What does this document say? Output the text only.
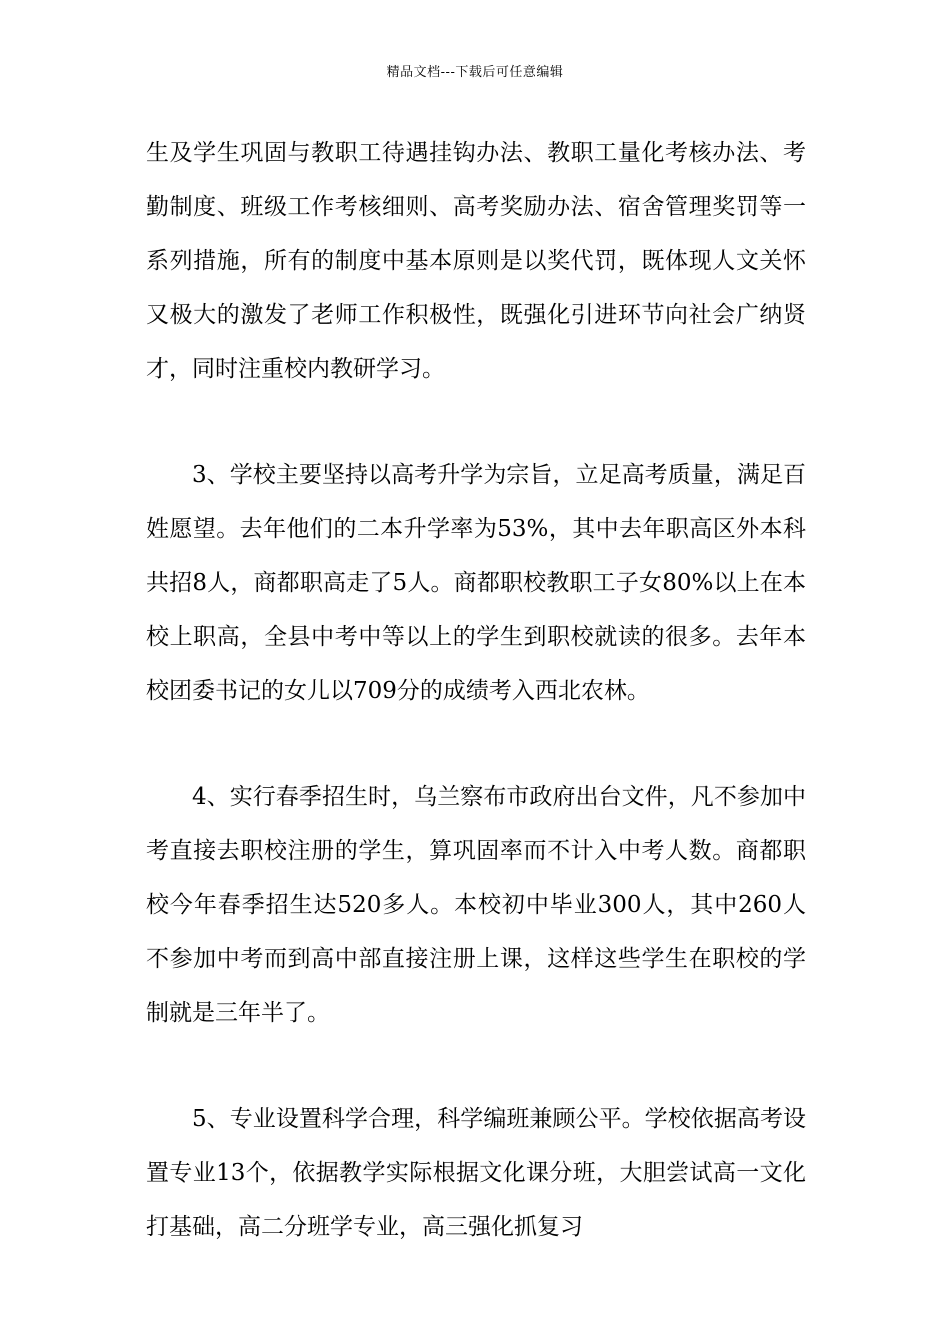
精品文档---下载后可任意编辑

生及学生巩固与教职工待遇挂钩办法、教职工量化考核办法、考勤制度、班级工作考核细则、高考奖励办法、宿舍管理奖罚等一系列措施，所有的制度中基本原则是以奖代罚，既体现人文关怀又极大的激发了老师工作积极性，既强化引进环节向社会广纳贤才，同时注重校内教研学习。

3、学校主要坚持以高考升学为宗旨，立足高考质量，满足百姓愿望。去年他们的二本升学率为53%，其中去年职高区外本科共招8人，商都职高走了5人。商都职校教职工子女80%以上在本校上职高，全县中考中等以上的学生到职校就读的很多。去年本校团委书记的女儿以709分的成绩考入西北农林。

4、实行春季招生时，乌兰察布市政府出台文件，凡不参加中考直接去职校注册的学生，算巩固率而不计入中考人数。商都职校今年春季招生达520多人。本校初中毕业300人，其中260人不参加中考而到高中部直接注册上课，这样这些学生在职校的学制就是三年半了。

5、专业设置科学合理，科学编班兼顾公平。学校依据高考设置专业13个，依据教学实际根据文化课分班，大胆尝试高一文化打基础，高二分班学专业，高三强化抓复习
